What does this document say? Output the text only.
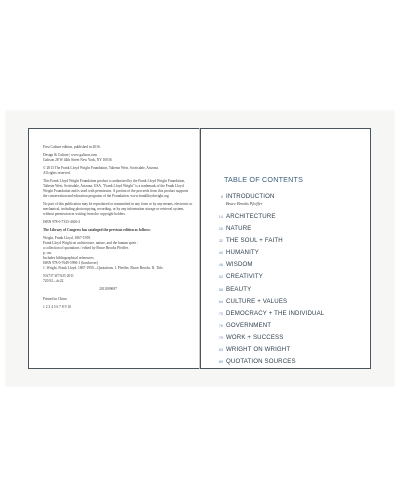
First Culture edition, published in 2016.

Design & Culture | www.galison.com
Galison 28 W 44th Street New York, NY 10036

© 2013 The Frank Lloyd Wright Foundation, Taliesin West, Scottsdale, Arizona.
All rights reserved.

This Frank Lloyd Wright Foundation product is authorized by the Frank Lloyd Wright Foundation, Taliesin West, Scottsdale, Arizona, USA. "Frank Lloyd Wright" is a trademark of the Frank Lloyd Wright Foundation and is used with permission. A portion of the proceeds from this product supports the conservation and education programs of the Foundation: www.franklloydwright.org

No part of this publication may be reproduced or transmitted in any form or by any means, electronic or mechanical, including photocopying, recording, or by any information storage or retrieval system, without permission in writing from the copyright holders.

ISBN 978-0-7333-4026-3

The Library of Congress has cataloged the previous edition as follows:

Wright, Frank Lloyd, 1867-1959.
Frank Lloyd Wright on architecture, nature, and the human spirit :
a collection of quotations / edited by Bruce Brooks Pfeiffer.
p. cm.
Includes bibliographical references.
ISBN 978-0-7649-5996-1 (hardcover)
1. Wright, Frank Lloyd, 1867-1959—Quotations. I. Pfeiffer, Bruce Brooks. II. Title.

NA737.W7A35 2011
720.92—dc22

2011009697

Printed in China

1 2 3 4 5 6 7 8 9 10

TABLE OF CONTENTS
6 INTRODUCTION
Bruce Brooks Pfeiffer
14 ARCHITECTURE
26 NATURE
32 THE SOUL + FAITH
40 HUMANITY
46 WISDOM
52 CREATIVITY
58 BEAUTY
64 CULTURE + VALUES
70 DEMOCRACY + THE INDIVIDUAL
76 GOVERNMENT
79 WORK + SUCCESS
83 WRIGHT ON WRIGHT
89 QUOTATION SOURCES
